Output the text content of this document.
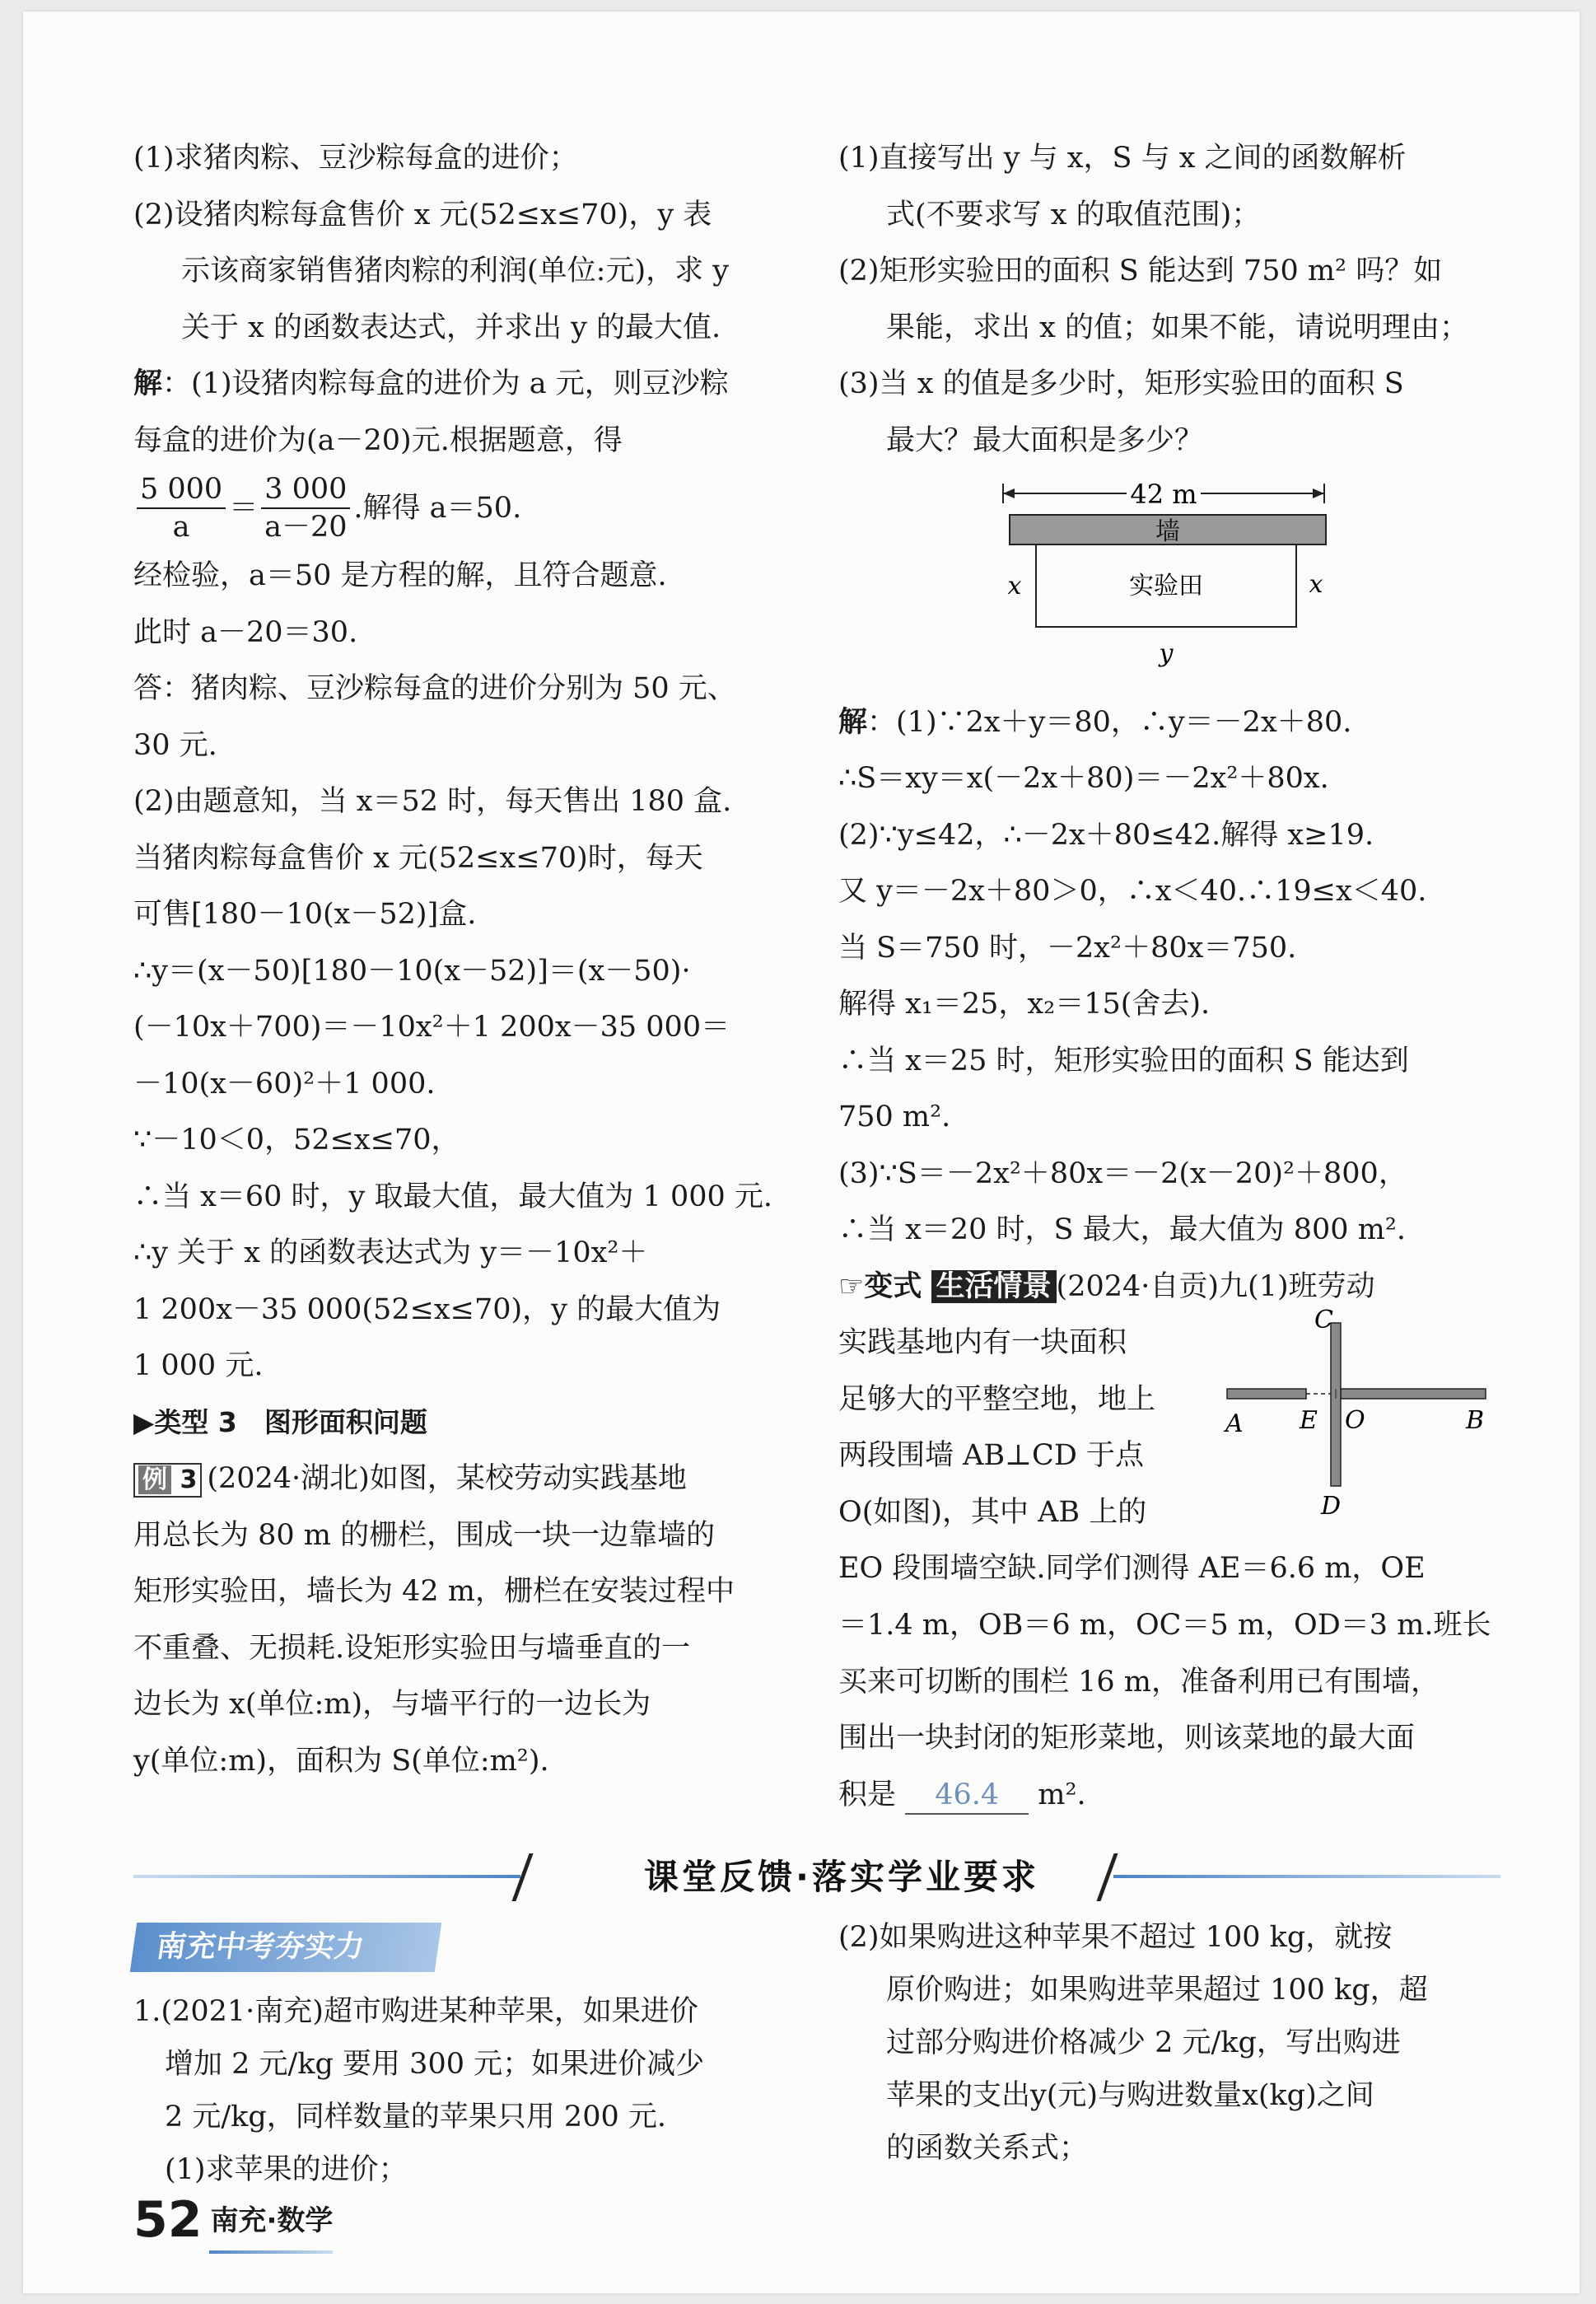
(1)求猪肉粽、豆沙粽每盒的进价；

(2)设猪肉粽每盒售价 x 元(52≤x≤70)，y 表

示该商家销售猪肉粽的利润(单位:元)，求 y

关于 x 的函数表达式，并求出 y 的最大值.

解：(1)设猪肉粽每盒的进价为 a 元，则豆沙粽

每盒的进价为(a－20)元.根据题意，得

$\frac{5 000}{a} = \frac{3 000}{a-20}$ .解得 a＝50.

经检验，a＝50 是方程的解，且符合题意.

此时 a－20＝30.

答：猪肉粽、豆沙粽每盒的进价分别为 50 元、

30 元.

(2)由题意知，当 x＝52 时，每天售出 180 盒.

当猪肉粽每盒售价 x 元(52≤x≤70)时，每天

可售[180－10(x－52)]盒.

∴y＝(x－50)[180－10(x－52)]＝(x－50)·

(－10x＋700)＝－10x²＋1 200x－35 000＝

－10(x－60)²＋1 000.

∵－10＜0，52≤x≤70，

∴当 x＝60 时，y 取最大值，最大值为 1 000 元.

∴y 关于 x 的函数表达式为 y＝－10x²＋

1 200x－35 000(52≤x≤70)，y 的最大值为

1 000 元.

▶类型 3　图形面积问题

例 3 (2024·湖北)如图，某校劳动实践基地

用总长为 80 m 的栅栏，围成一块一边靠墙的

矩形实验田，墙长为 42 m，栅栏在安装过程中

不重叠、无损耗.设矩形实验田与墙垂直的一

边长为 x(单位:m)，与墙平行的一边长为

y(单位:m)，面积为 S(单位:m²).

(1)直接写出 y 与 x，S 与 x 之间的函数解析

式(不要求写 x 的取值范围)；

(2)矩形实验田的面积 S 能达到 750 m² 吗？如

果能，求出 x 的值；如果不能，请说明理由；

(3)当 x 的值是多少时，矩形实验田的面积 S

最大？最大面积是多少？

42 m
墙
实验田
x	x
y

解：(1)∵2x＋y＝80，∴y＝－2x＋80.

∴S＝xy＝x(－2x＋80)＝－2x²＋80x.

(2)∵y≤42，∴－2x＋80≤42.解得 x≥19.

又 y＝－2x＋80＞0，∴x＜40.∴19≤x＜40.

当 S＝750 时，－2x²＋80x＝750.

解得 x₁＝25，x₂＝15(舍去).

∴当 x＝25 时，矩形实验田的面积 S 能达到

750 m².

(3)∵S＝－2x²＋80x＝－2(x－20)²＋800，

∴当 x＝20 时，S 最大，最大值为 800 m².

☞变式 生活情景 (2024·自贡)九(1)班劳动

实践基地内有一块面积

足够大的平整空地，地上

两段围墙 AB⊥CD 于点

O(如图)，其中 AB 上的

C
A E O	B
D

EO 段围墙空缺.同学们测得 AE＝6.6 m，OE

＝1.4 m，OB＝6 m，OC＝5 m，OD＝3 m.班长

买来可切断的围栏 16 m，准备利用已有围墙，

围出一块封闭的矩形菜地，则该菜地的最大面

积是 46.4 m².

课堂反馈·落实学业要求
南充中考夯实力

1.(2021·南充)超市购进某种苹果，如果进价

增加 2 元/kg 要用 300 元；如果进价减少

2 元/kg，同样数量的苹果只用 200 元.

(1)求苹果的进价；

(2)如果购进这种苹果不超过 100 kg，就按

原价购进；如果购进苹果超过 100 kg，超

过部分购进价格减少 2 元/kg，写出购进

苹果的支出y(元)与购进数量x(kg)之间

的函数关系式；

52 南充·数学
